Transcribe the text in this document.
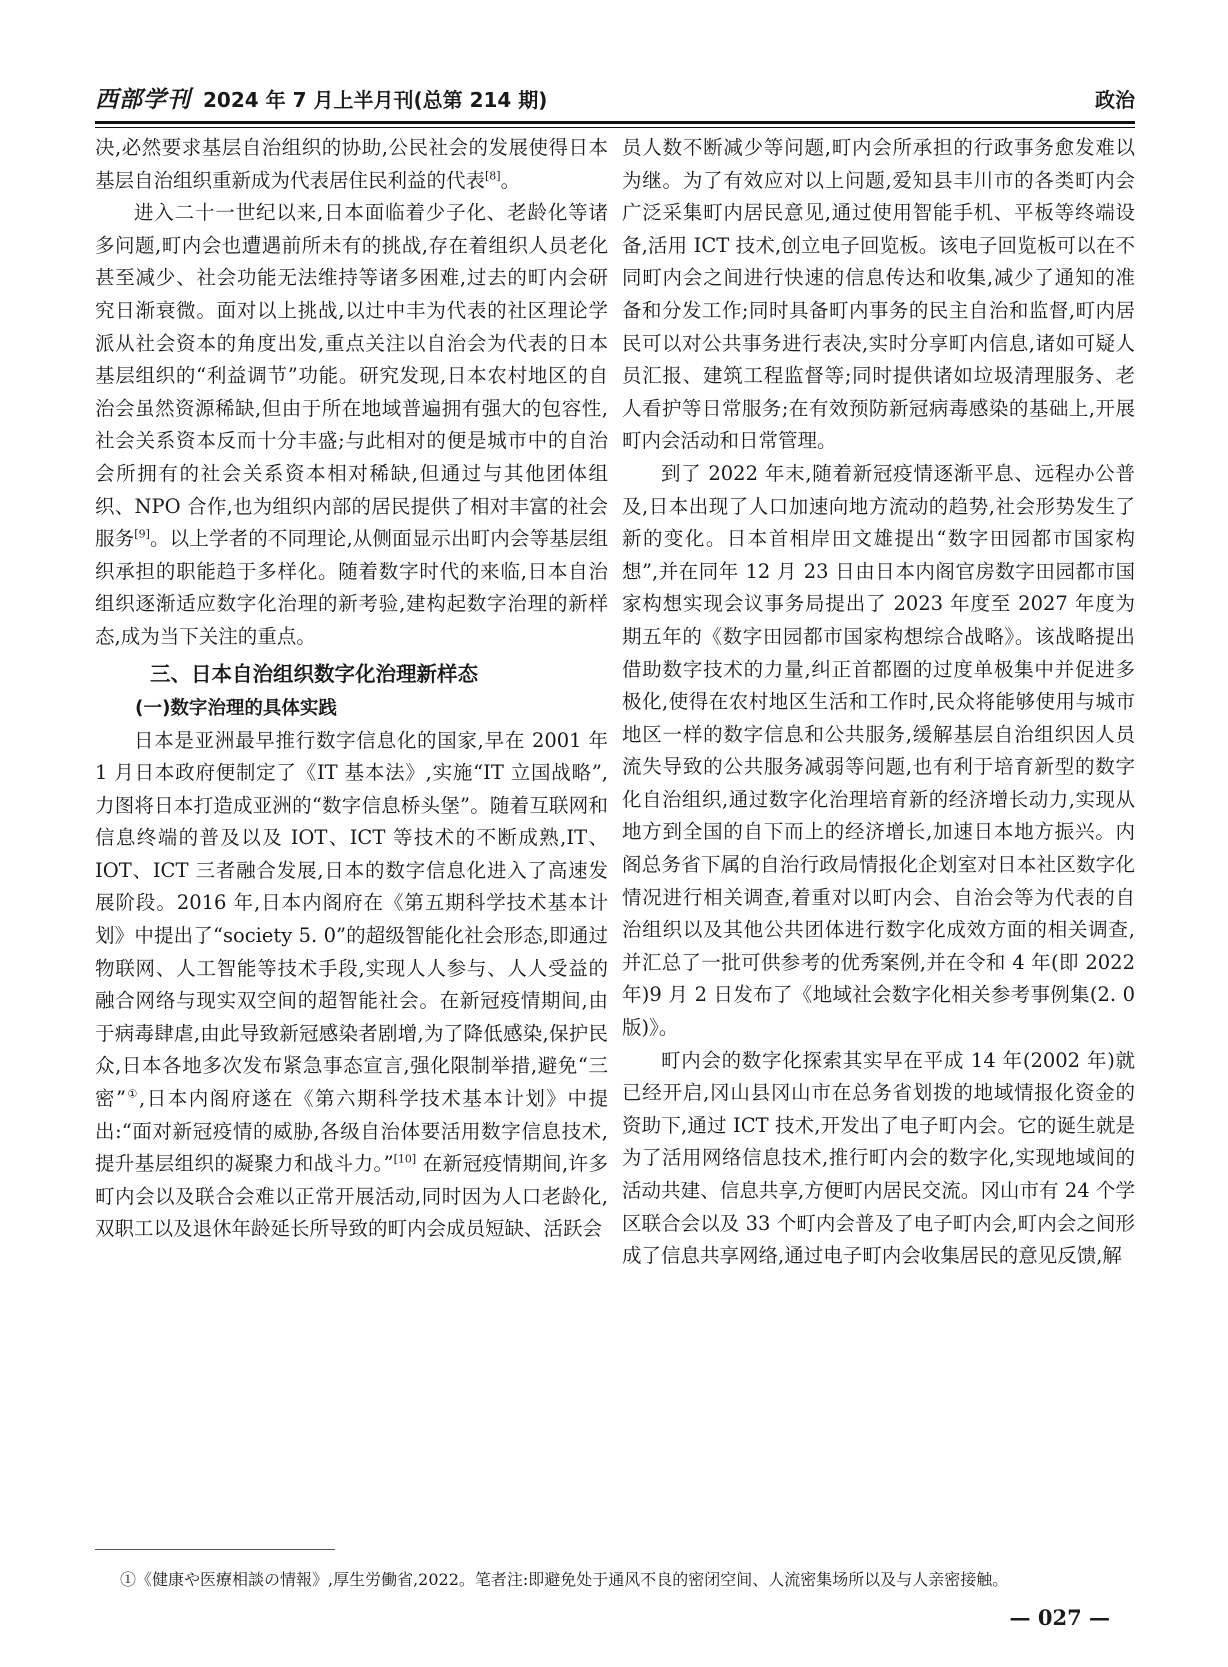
西部学刊 2024 年 7 月上半月刊(总第 214 期)	政治

决,必然要求基层自治组织的协助,公民社会的发展使得日本基层自治组织重新成为代表居住民利益的代表[8]。

进入二十一世纪以来,日本面临着少子化、老龄化等诸多问题,町内会也遭遇前所未有的挑战,存在着组织人员老化甚至减少、社会功能无法维持等诸多困难,过去的町内会研究日渐衰微。面对以上挑战,以辻中丰为代表的社区理论学派从社会资本的角度出发,重点关注以自治会为代表的日本基层组织的“利益调节”功能。研究发现,日本农村地区的自治会虽然资源稀缺,但由于所在地域普遍拥有强大的包容性,社会关系资本反而十分丰盛;与此相对的便是城市中的自治会所拥有的社会关系资本相对稀缺,但通过与其他团体组织、NPO 合作,也为组织内部的居民提供了相对丰富的社会服务[9]。以上学者的不同理论,从侧面显示出町内会等基层组织承担的职能趋于多样化。随着数字时代的来临,日本自治组织逐渐适应数字化治理的新考验,建构起数字治理的新样态,成为当下关注的重点。

三、日本自治组织数字化治理新样态
(一)数字治理的具体实践

日本是亚洲最早推行数字信息化的国家,早在 2001 年 1 月日本政府便制定了《IT 基本法》,实施“IT 立国战略”,力图将日本打造成亚洲的“数字信息桥头堡”。随着互联网和信息终端的普及以及 IOT、ICT 等技术的不断成熟,IT、IOT、ICT 三者融合发展,日本的数字信息化进入了高速发展阶段。2016 年,日本内阁府在《第五期科学技术基本计划》中提出了“society 5. 0”的超级智能化社会形态,即通过物联网、人工智能等技术手段,实现人人参与、人人受益的融合网络与现实双空间的超智能社会。在新冠疫情期间,由于病毒肆虐,由此导致新冠感染者剧增,为了降低感染,保护民众,日本各地多次发布紧急事态宣言,强化限制举措,避免“三密”①,日本内阁府遂在《第六期科学技术基本计划》中提出:“面对新冠疫情的威胁,各级自治体要活用数字信息技术,提升基层组织的凝聚力和战斗力。”[10] 在新冠疫情期间,许多町内会以及联合会难以正常开展活动,同时因为人口老龄化,双职工以及退休年龄延长所导致的町内会成员短缺、活跃会

员人数不断减少等问题,町内会所承担的行政事务愈发难以为继。为了有效应对以上问题,爱知县丰川市的各类町内会广泛采集町内居民意见,通过使用智能手机、平板等终端设备,活用 ICT 技术,创立电子回览板。该电子回览板可以在不同町内会之间进行快速的信息传达和收集,减少了通知的准备和分发工作;同时具备町内事务的民主自治和监督,町内居民可以对公共事务进行表决,实时分享町内信息,诸如可疑人员汇报、建筑工程监督等;同时提供诸如垃圾清理服务、老人看护等日常服务;在有效预防新冠病毒感染的基础上,开展町内会活动和日常管理。

到了 2022 年末,随着新冠疫情逐渐平息、远程办公普及,日本出现了人口加速向地方流动的趋势,社会形势发生了新的变化。日本首相岸田文雄提出“数字田园都市国家构想”,并在同年 12 月 23 日由日本内阁官房数字田园都市国家构想实现会议事务局提出了 2023 年度至 2027 年度为期五年的《数字田园都市国家构想综合战略》。该战略提出借助数字技术的力量,纠正首都圈的过度单极集中并促进多极化,使得在农村地区生活和工作时,民众将能够使用与城市地区一样的数字信息和公共服务,缓解基层自治组织因人员流失导致的公共服务减弱等问题,也有利于培育新型的数字化自治组织,通过数字化治理培育新的经济增长动力,实现从地方到全国的自下而上的经济增长,加速日本地方振兴。内阁总务省下属的自治行政局情报化企划室对日本社区数字化情况进行相关调查,着重对以町内会、自治会等为代表的自治组织以及其他公共团体进行数字化成效方面的相关调查,并汇总了一批可供参考的优秀案例,并在令和 4 年(即 2022 年)9 月 2 日发布了《地域社会数字化相关参考事例集(2. 0 版)》。

町内会的数字化探索其实早在平成 14 年(2002 年)就已经开启,冈山县冈山市在总务省划拨的地域情报化资金的资助下,通过 ICT 技术,开发出了电子町内会。它的诞生就是为了活用网络信息技术,推行町内会的数字化,实现地域间的活动共建、信息共享,方便町内居民交流。冈山市有 24 个学区联合会以及 33 个町内会普及了电子町内会,町内会之间形成了信息共享网络,通过电子町内会收集居民的意见反馈,解

①《健康や医療相談の情報》,厚生労働省,2022。笔者注:即避免处于通风不良的密闭空间、人流密集场所以及与人亲密接触。
— 027 —
